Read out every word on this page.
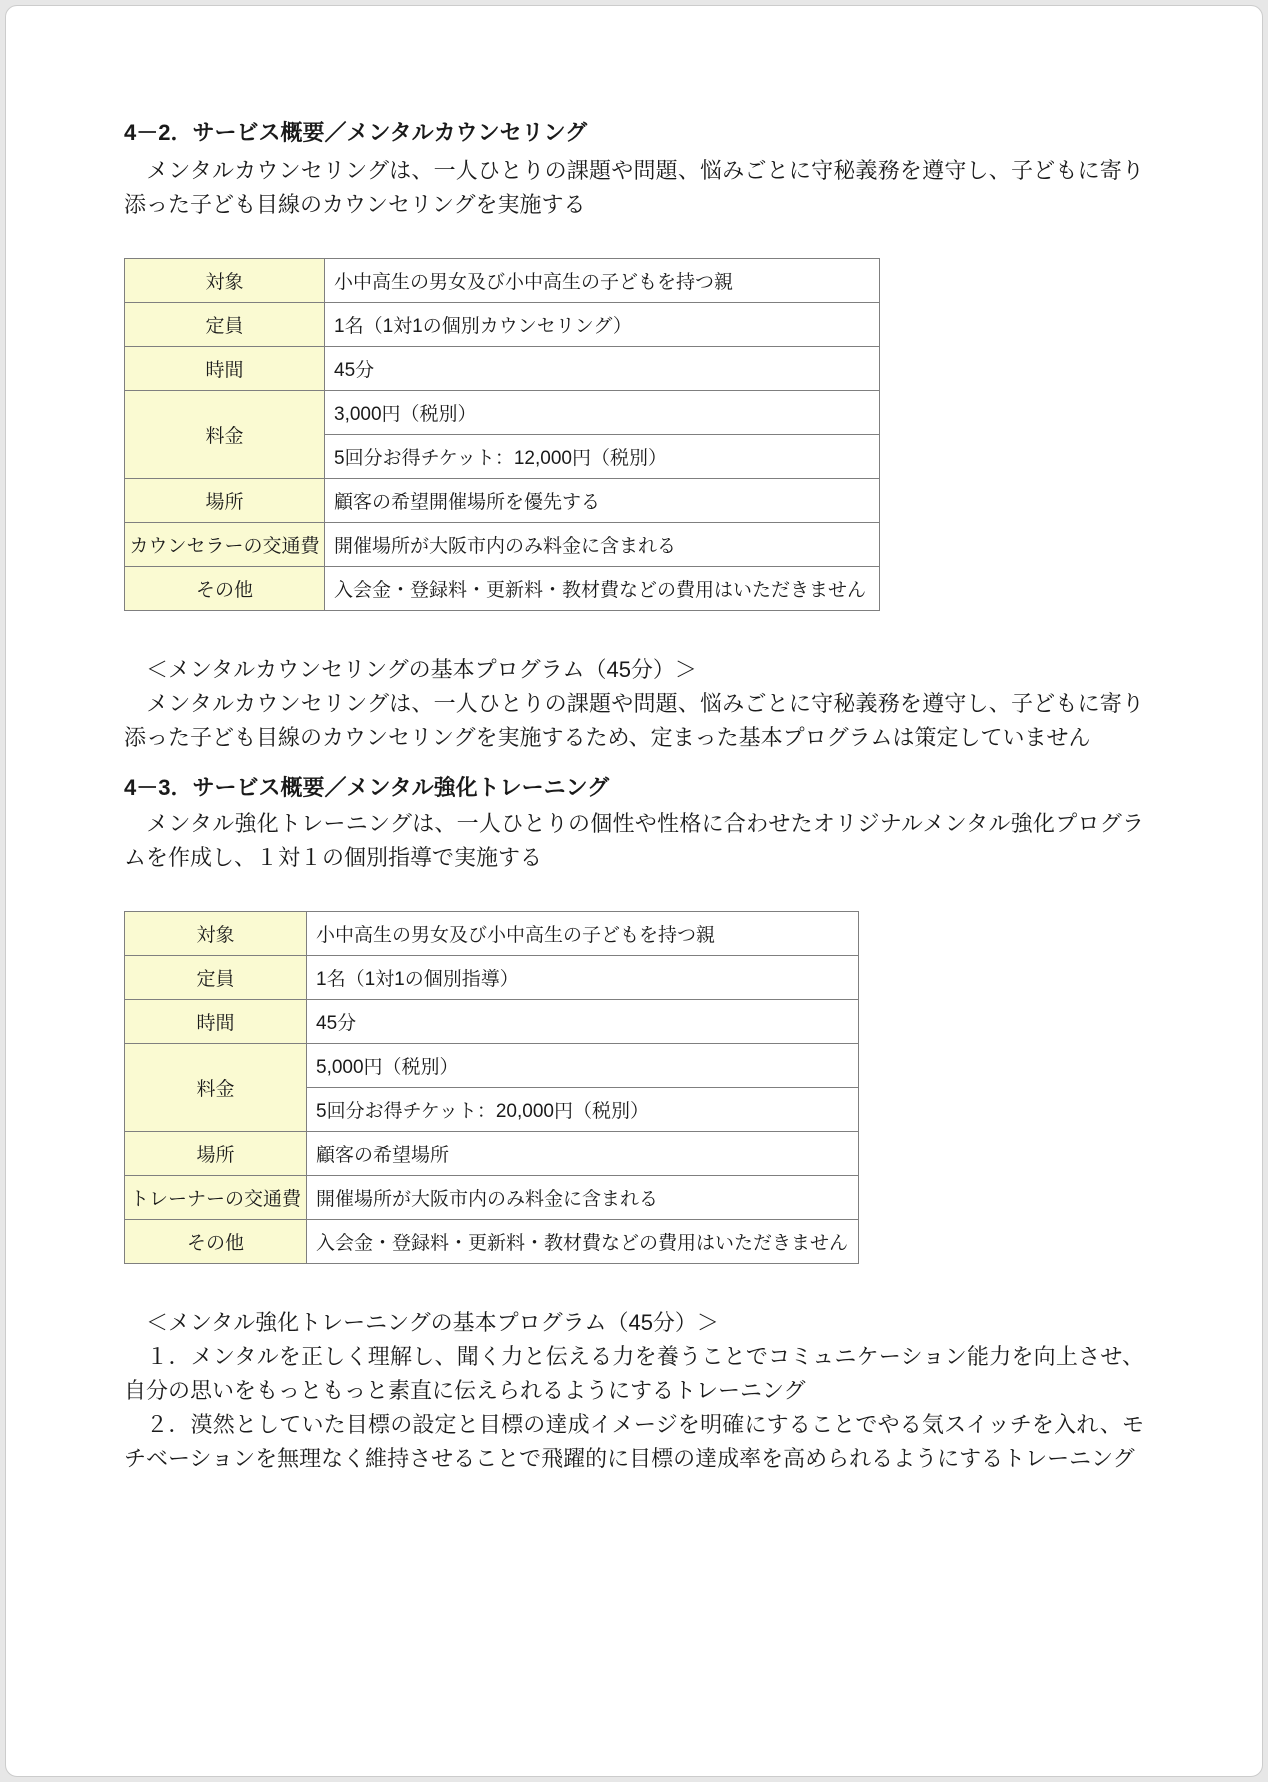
4－2．サービス概要／メンタルカウンセリング

　メンタルカウンセリングは、一人ひとりの課題や問題、悩みごとに守秘義務を遵守し、子どもに寄り添った子ども目線のカウンセリングを実施する

対象	小中高生の男女及び小中高生の子どもを持つ親
定員	1名（1対1の個別カウンセリング）
時間	45分
料金	3,000円（税別）
	5回分お得チケット：12,000円（税別）
場所	顧客の希望開催場所を優先する
カウンセラーの交通費	開催場所が大阪市内のみ料金に含まれる
その他	入会金・登録料・更新料・教材費などの費用はいただきません

　＜メンタルカウンセリングの基本プログラム（45分）＞

　メンタルカウンセリングは、一人ひとりの課題や問題、悩みごとに守秘義務を遵守し、子どもに寄り添った子ども目線のカウンセリングを実施するため、定まった基本プログラムは策定していません

4－3．サービス概要／メンタル強化トレーニング

　メンタル強化トレーニングは、一人ひとりの個性や性格に合わせたオリジナルメンタル強化プログラムを作成し、１対１の個別指導で実施する

対象	小中高生の男女及び小中高生の子どもを持つ親
定員	1名（1対1の個別指導）
時間	45分
料金	5,000円（税別）
	5回分お得チケット：20,000円（税別）
場所	顧客の希望場所
トレーナーの交通費	開催場所が大阪市内のみ料金に含まれる
その他	入会金・登録料・更新料・教材費などの費用はいただきません

　＜メンタル強化トレーニングの基本プログラム（45分）＞

　１．メンタルを正しく理解し、聞く力と伝える力を養うことでコミュニケーション能力を向上させ、自分の思いをもっともっと素直に伝えられるようにするトレーニング

　２．漠然としていた目標の設定と目標の達成イメージを明確にすることでやる気スイッチを入れ、モチベーションを無理なく維持させることで飛躍的に目標の達成率を高められるようにするトレーニング
